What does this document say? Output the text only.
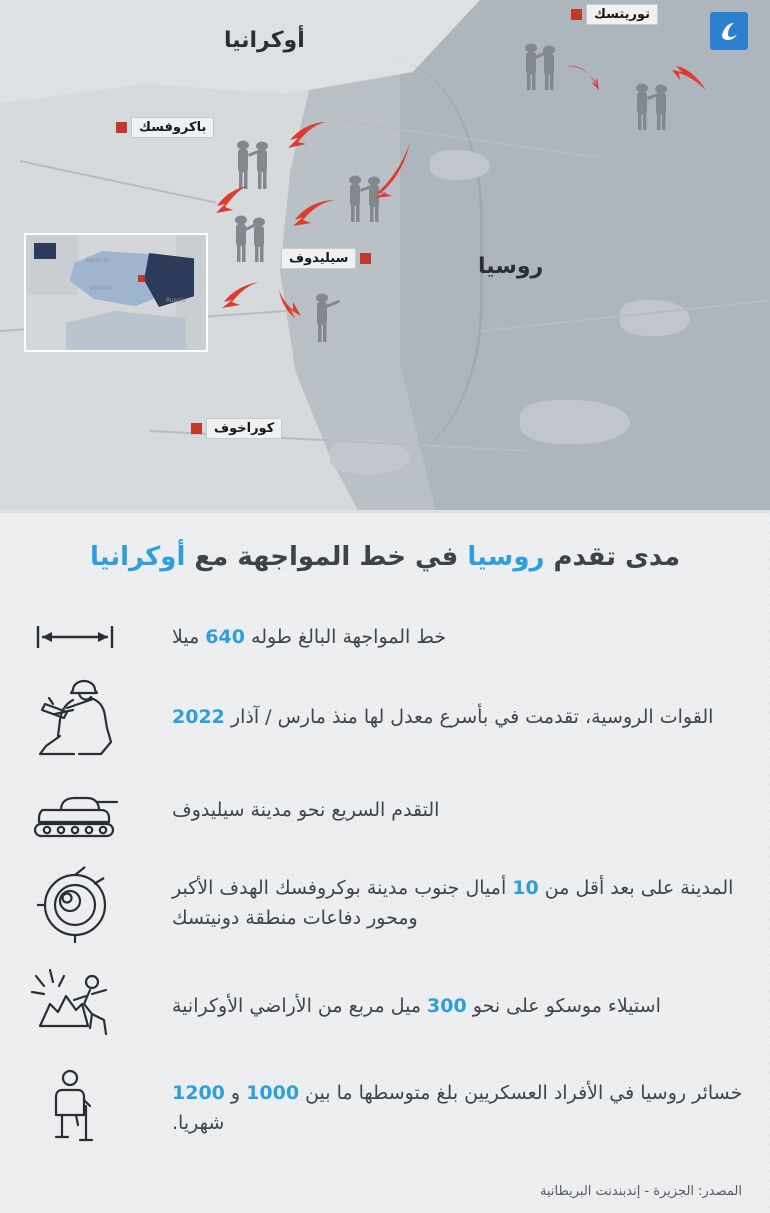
أوكرانيا
روسيا
توريتسك
باكروفسك
سيليدوف
كوراخوف
Belarus
Ukraine
Russia
مدى تقدم روسيا في خط المواجهة مع أوكرانيا
خط المواجهة البالغ طوله 640 ميلا
القوات الروسية، تقدمت في بأسرع معدل لها منذ مارس / آذار 2022
التقدم السريع نحو مدينة سيليدوف
المدينة على بعد أقل من 10 أميال جنوب مدينة بوكروفسك الهدف الأكبر ومحور دفاعات منطقة دونيتسك
استيلاء موسكو على نحو 300 ميل مربع من الأراضي الأوكرانية
خسائر روسيا في الأفراد العسكريين بلغ متوسطها ما بين 1000 و 1200 شهريا.
المصدر: الجزيرة - إندبندنت البريطانية
